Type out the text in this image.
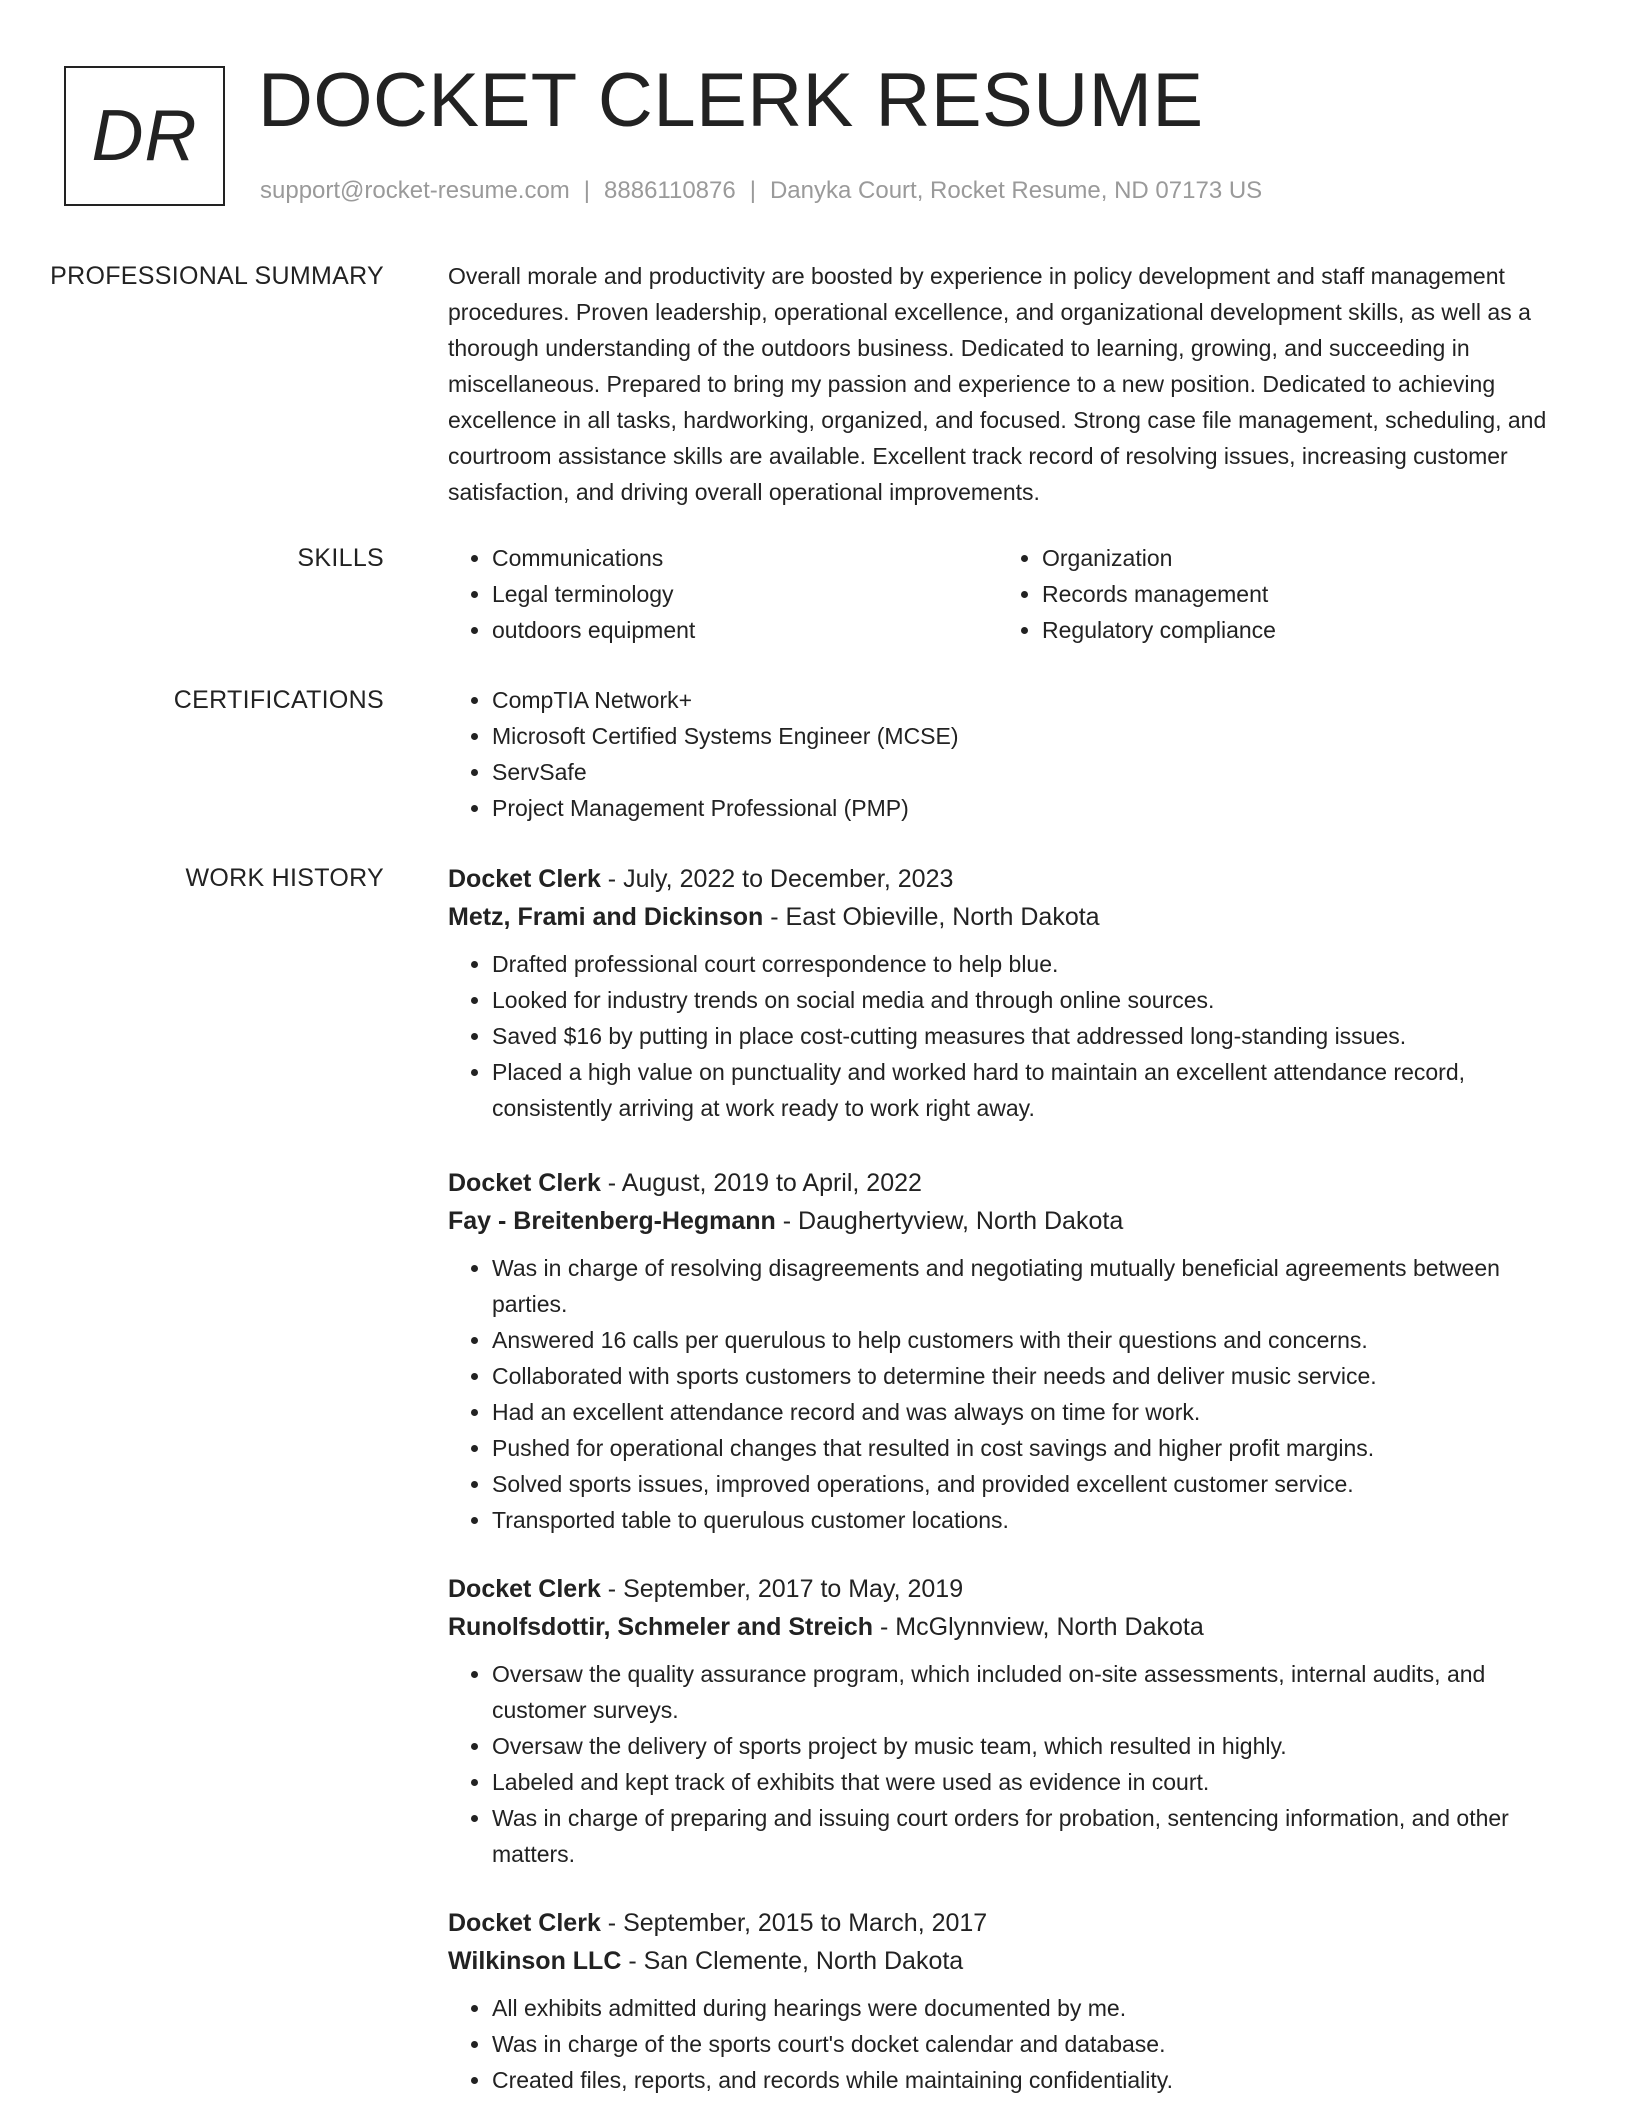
DR DOCKET CLERK RESUME
support@rocket-resume.com | 8886110876 | Danyka Court, Rocket Resume, ND 07173 US
PROFESSIONAL SUMMARY	Overall morale and productivity are boosted by experience in policy development and staff management procedures. Proven leadership, operational excellence, and organizational development skills, as well as a thorough understanding of the outdoors business. Dedicated to learning, growing, and succeeding in miscellaneous. Prepared to bring my passion and experience to a new position. Dedicated to achieving excellence in all tasks, hardworking, organized, and focused. Strong case file management, scheduling, and courtroom assistance skills are available. Excellent track record of resolving issues, increasing customer satisfaction, and driving overall operational improvements.

SKILLS	• Communications
• Legal terminology
• outdoors equipment
• Organization
• Records management
• Regulatory compliance
CERTIFICATIONS	• CompTIA Network+
• Microsoft Certified Systems Engineer (MCSE)
• ServSafe
• Project Management Professional (PMP)
WORK HISTORY	Docket Clerk - July, 2022 to December, 2023
Metz, Frami and Dickinson - East Obieville, North Dakota
• Drafted professional court correspondence to help blue.
• Looked for industry trends on social media and through online sources.
• Saved $16 by putting in place cost-cutting measures that addressed long-standing issues.
• Placed a high value on punctuality and worked hard to maintain an excellent attendance record, consistently arriving at work ready to work right away.
Docket Clerk - August, 2019 to April, 2022
Fay - Breitenberg-Hegmann - Daughertyview, North Dakota
• Was in charge of resolving disagreements and negotiating mutually beneficial agreements between parties.
• Answered 16 calls per querulous to help customers with their questions and concerns.
• Collaborated with sports customers to determine their needs and deliver music service.
• Had an excellent attendance record and was always on time for work.
• Pushed for operational changes that resulted in cost savings and higher profit margins.
• Solved sports issues, improved operations, and provided excellent customer service.
• Transported table to querulous customer locations.
Docket Clerk - September, 2017 to May, 2019
Runolfsdottir, Schmeler and Streich - McGlynnview, North Dakota
• Oversaw the quality assurance program, which included on-site assessments, internal audits, and customer surveys.
• Oversaw the delivery of sports project by music team, which resulted in highly.
• Labeled and kept track of exhibits that were used as evidence in court.
• Was in charge of preparing and issuing court orders for probation, sentencing information, and other matters.
Docket Clerk - September, 2015 to March, 2017
Wilkinson LLC - San Clemente, North Dakota
• All exhibits admitted during hearings were documented by me.
• Was in charge of the sports court's docket calendar and database.
• Created files, reports, and records while maintaining confidentiality.
